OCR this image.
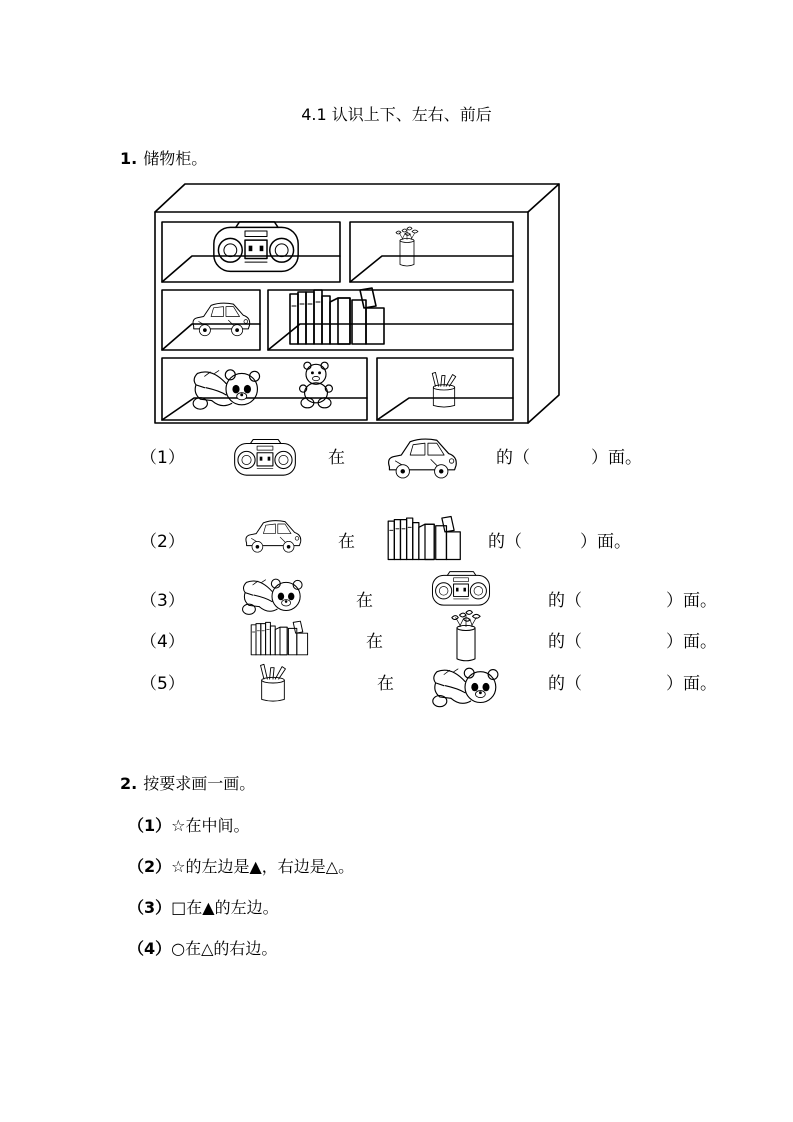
4.1 认识上下、左右、前后
1. 储物柜。
（1）	在	的（	）面。
（2）	在	的（	）面。
（3）	在	的（	）面。
（4）	在	的（	）面。
（5）	在	的（	）面。
2. 按要求画一画。
（1）☆在中间。
（2）☆的左边是▲，右边是△。
（3）□在▲的左边。
（4）○在△的右边。
